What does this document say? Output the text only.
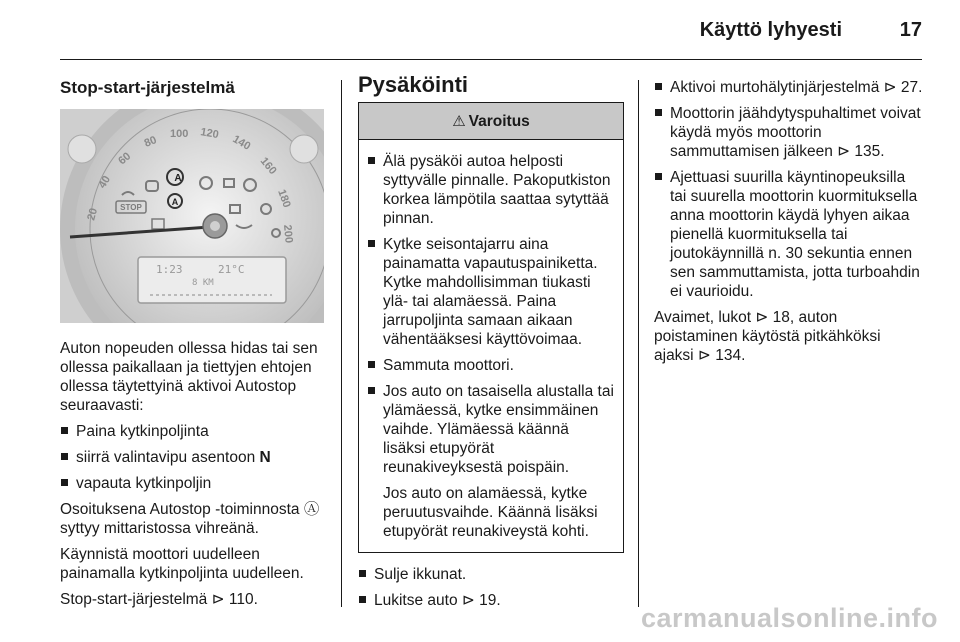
Käyttö lyhyesti	17
Stop-start-järjestelmä
20
40
60
80
100 120 140
160
180
200
A
A
STOP
1:23	21°C
8 KM

Auton nopeuden ollessa hidas tai sen ollessa paikallaan ja tiettyjen ehtojen ollessa täytettyinä aktivoi Autostop seuraavasti:

Paina kytkinpoljinta
siirrä valintavipu asentoon N
vapauta kytkinpoljin

Osoituksena Autostop -toiminnosta Ⓐ syttyy mittaristossa vihreänä.

Käynnistä moottori uudelleen painamalla kytkinpoljinta uudelleen.

Stop-start-järjestelmä ⊳ 110.

Pysäköinti
⚠ Varoitus
Älä pysäköi autoa helposti syttyvälle pinnalle. Pakoputkiston korkea lämpötila saattaa sytyttää pinnan.
Kytke seisontajarru aina painamatta vapautuspainiketta. Kytke mahdollisimman tiukasti ylä- tai alamäessä. Paina jarrupoljinta samaan aikaan vähentääksesi käyttövoimaa.
Sammuta moottori.
Jos auto on tasaisella alustalla tai ylämäessä, kytke ensimmäinen vaihde. Ylämäessä käännä lisäksi etupyörät reunakiveyksestä poispäin.
Jos auto on alamäessä, kytke peruutusvaihde. Käännä lisäksi etupyörät reunakiveystä kohti.
Sulje ikkunat.
Lukitse auto ⊳ 19.
Aktivoi murtohälytinjärjestelmä ⊳ 27.
Moottorin jäähdytyspuhaltimet voivat käydä myös moottorin sammuttamisen jälkeen ⊳ 135.
Ajettuasi suurilla käyntinopeuksilla tai suurella moottorin kuormituksella anna moottorin käydä lyhyen aikaa pienellä kuormituksella tai joutokäynnillä n. 30 sekuntia ennen sen sammuttamista, jotta turboahdin ei vaurioidu.

Avaimet, lukot ⊳ 18, auton poistaminen käytöstä pitkähköksi ajaksi ⊳ 134.

carmanualsonline.info
